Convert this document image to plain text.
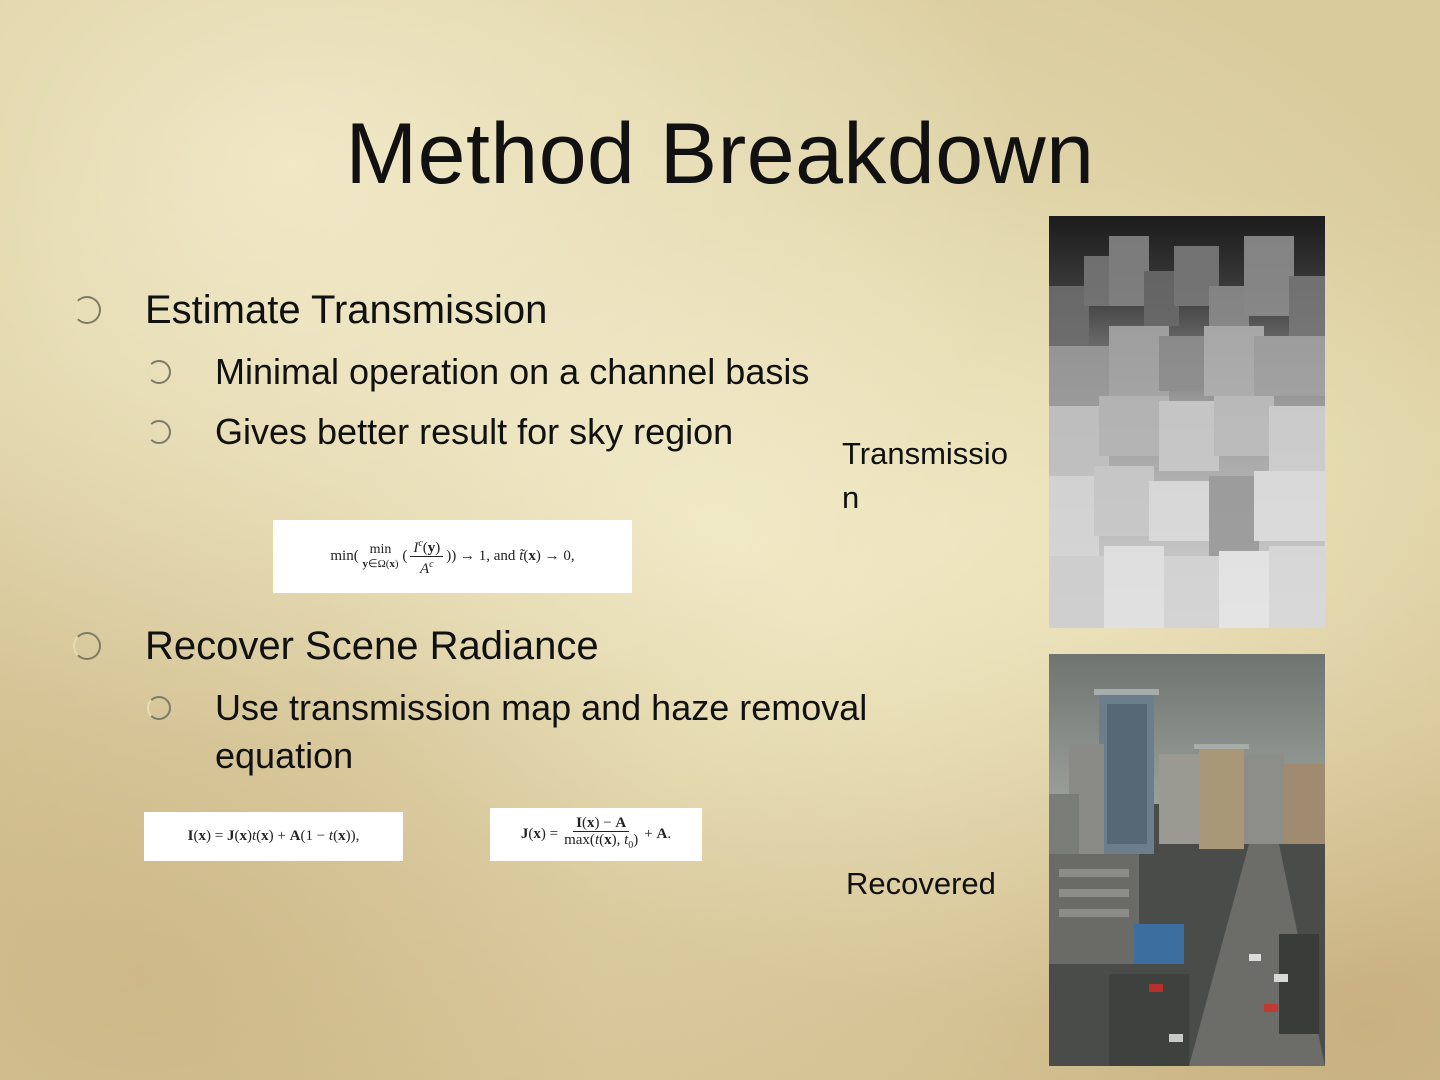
Method Breakdown
Estimate Transmission
Minimal operation on a channel basis
Gives better result for sky region
min( min
y∈Ω(x) ( $\frac{I^c(y)}{A^c}$ )) → 1, and t̃(x) → 0,
Transmission
Recover Scene Radiance
Use transmission map and haze removal equation
I(x) = J(x)t(x) + A(1 − t(x)),	$J(x) = \frac{I(x) - A}{\max(t(x), t_0)} + A$.
Recovered
